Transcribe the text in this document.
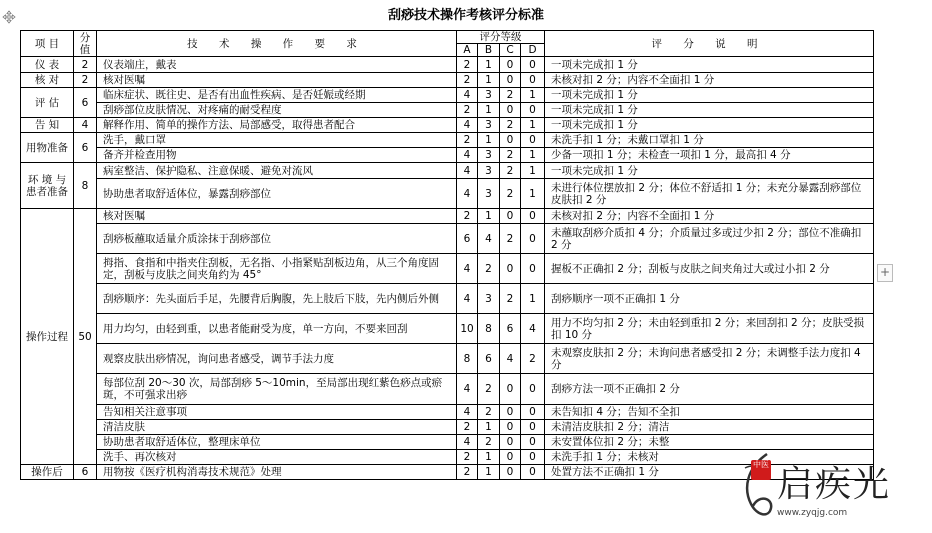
刮痧技术操作考核评分标准
项 目	分值	技 术 操 作 要 求	评分等级				评 分 说 明
			A	B	C	D	
仪 表	2	仪表端庄，戴表	2	1	0	0	一项未完成扣 1 分
核 对	2	核对医嘱	2	1	0	0	未核对扣 2 分；内容不全面扣 1 分
评 估	6	临床症状、既往史、是否有出血性疾病、是否妊娠或经期	4	3	2	1	一项未完成扣 1 分
		刮痧部位皮肤情况、对疼痛的耐受程度	2	1	0	0	一项未完成扣 1 分
告 知	4	解释作用、简单的操作方法、局部感受，取得患者配合	4	3	2	1	一项未完成扣 1 分
用物准备	6	洗手，戴口罩	2	1	0	0	未洗手扣 1 分；未戴口罩扣 1 分
		备齐并检查用物	4	3	2	1	少备一项扣 1 分；未检查一项扣 1 分，最高扣 4 分
环 境 与 患者准备	8	病室整洁、保护隐私、注意保暖、避免对流风	4	3	2	1	一项未完成扣 1 分
		协助患者取舒适体位，暴露刮痧部位	4	3	2	1	未进行体位摆放扣 2 分；体位不舒适扣 1 分；未充分暴露刮痧部位皮肤扣 2 分
操作过程	50	核对医嘱	2	1	0	0	未核对扣 2 分；内容不全面扣 1 分
		刮痧板蘸取适量介质涂抹于刮痧部位	6	4	2	0	未蘸取刮痧介质扣 4 分；介质量过多或过少扣 2 分；部位不准确扣 2 分
		拇指、食指和中指夹住刮板，无名指、小指紧贴刮板边角，从三个角度固定，刮板与皮肤之间夹角约为 45°	4	2	0	0	握板不正确扣 2 分；刮板与皮肤之间夹角过大或过小扣 2 分
		刮痧顺序：先头面后手足，先腰背后胸腹，先上肢后下肢，先内侧后外侧	4	3	2	1	刮痧顺序一项不正确扣 1 分
		用力均匀，由轻到重，以患者能耐受为度，单一方向，不要来回刮	10	8	6	4	用力不均匀扣 2 分；未由轻到重扣 2 分；来回刮扣 2 分；皮肤受损扣 10 分
		观察皮肤出痧情况，询问患者感受，调节手法力度	8	6	4	2	未观察皮肤扣 2 分；未询问患者感受扣 2 分；未调整手法力度扣 4 分
		每部位刮 20～30 次，局部刮痧 5～10min，至局部出现红紫色痧点或瘀斑，不可强求出痧	4	2	0	0	刮痧方法一项不正确扣 2 分
		告知相关注意事项	4	2	0	0	未告知扣 4 分；告知不全扣
		清洁皮肤	2	1	0	0	未清洁皮肤扣 2 分；清洁
		协助患者取舒适体位，整理床单位	4	2	0	0	未安置体位扣 2 分；未整
		洗手、再次核对	2	1	0	0	未洗手扣 1 分；未核对
操作后	6	用物按《医疗机构消毒技术规范》处理	2	1	0	0	处置方法不正确扣 1 分
+
中医 启疾光
www.zyqjg.com
